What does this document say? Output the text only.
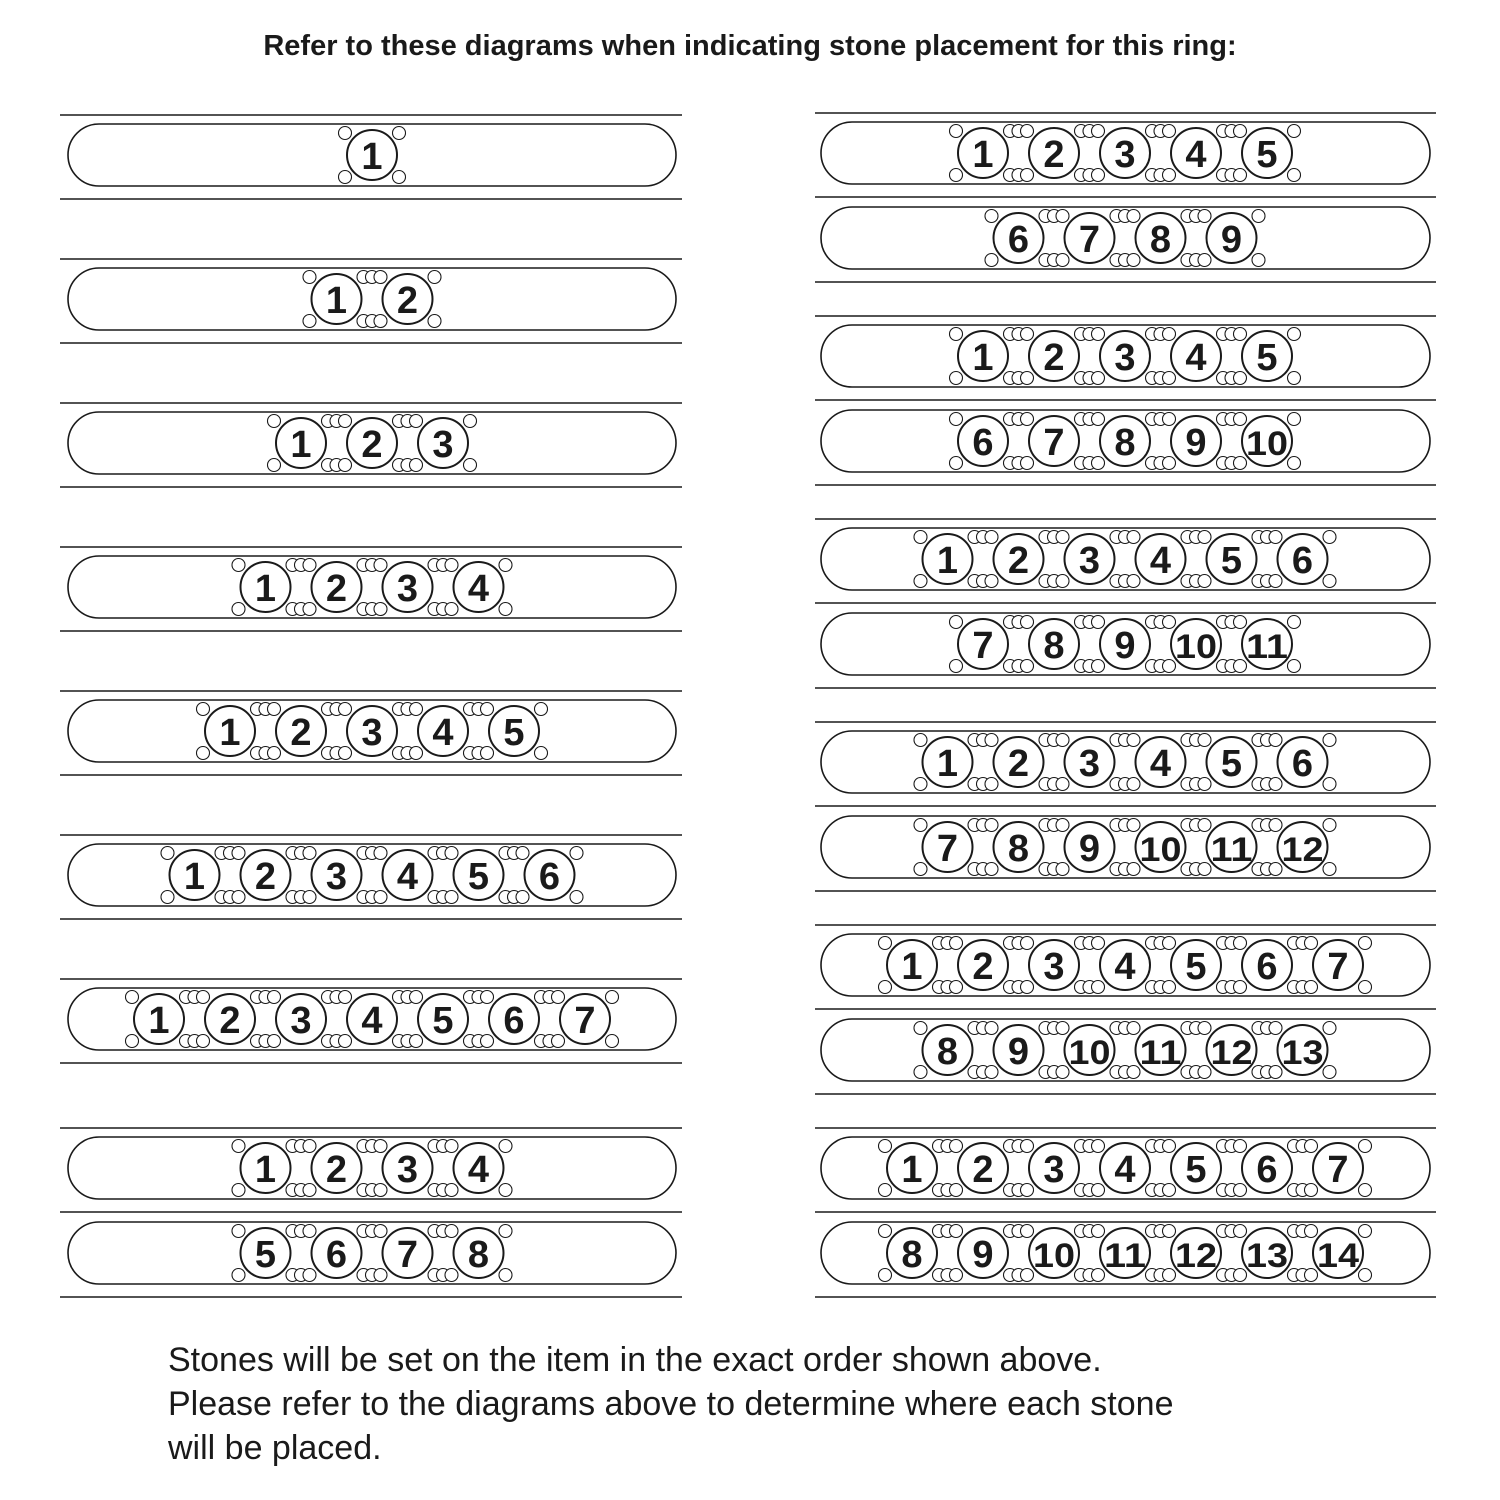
Refer to these diagrams when indicating stone placement for this ring:
1
1 2
1 2 3
1 2 3 4
1 2 3 4 5
1 2 3 4 5 6
1 2 3 4 5 6 7
1 2 3 4
5 6 7 8
1 2 3 4 5
6 7 8 9
1 2 3 4 5
6 7 8 9 10
1 2 3 4 5 6
7 8 9 10 11
1 2 3 4 5 6
7 8 9 10 11 12
1 2 3 4 5 6 7
8 9 10 11 12 13
1 2 3 4 5 6 7
8 9 10 11 12 13 14
Stones will be set on the item in the exact order shown above.
Please refer to the diagrams above to determine where each stone
will be placed.
